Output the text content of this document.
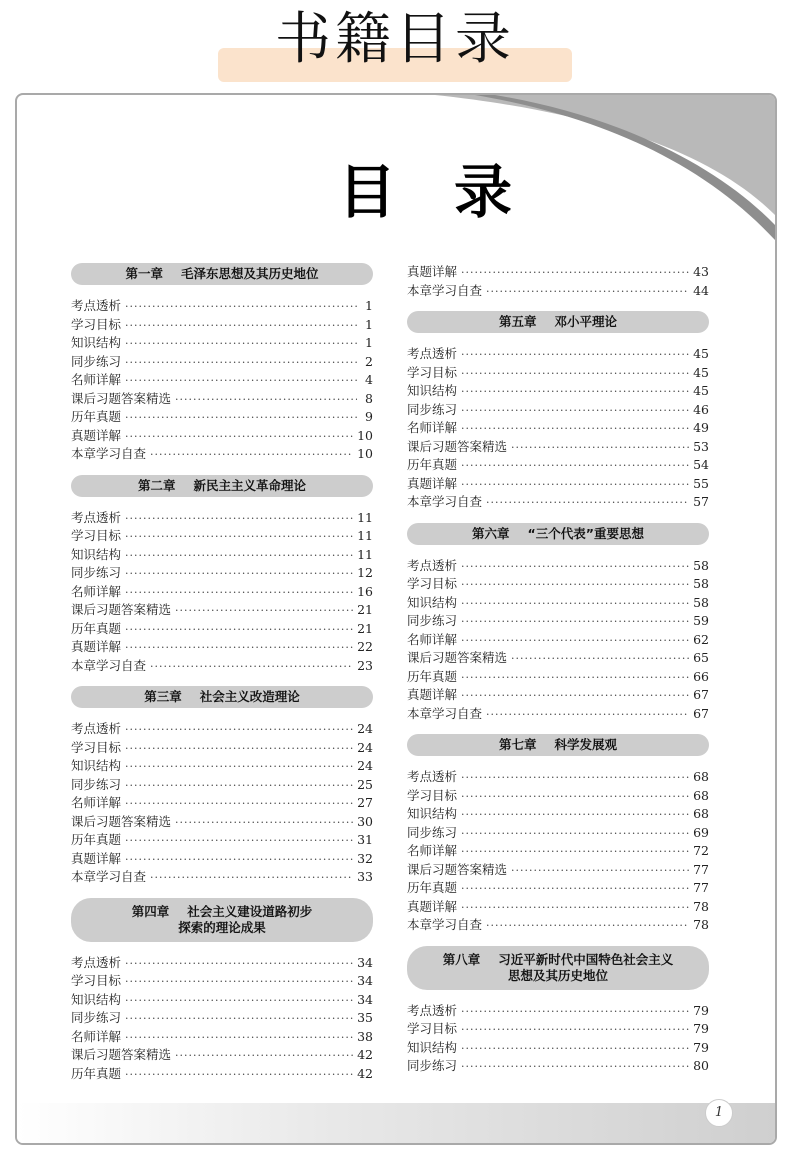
书籍目录
目录
第一章 毛泽东思想及其历史地位
考点透析 ·····	1
学习目标 ·····	1
知识结构 ·····	1
同步练习 ·····	2
名师详解 ·····	4
课后习题答案精选 ·····	8
历年真题 ·····	9
真题详解 ·····	10
本章学习自查 ·····	10
第二章 新民主主义革命理论
考点透析 ·····	11
学习目标 ·····	11
知识结构 ·····	11
同步练习 ·····	12
名师详解 ·····	16
课后习题答案精选 ·····	21
历年真题 ·····	21
真题详解 ·····	22
本章学习自查 ·····	23
第三章 社会主义改造理论
考点透析 ·····	24
学习目标 ·····	24
知识结构 ·····	24
同步练习 ·····	25
名师详解 ·····	27
课后习题答案精选 ·····	30
历年真题 ·····	31
真题详解 ·····	32
本章学习自查 ·····	33
第四章 社会主义建设道路初步
探索的理论成果
考点透析 ·····	34
学习目标 ·····	34
知识结构 ·····	34
同步练习 ·····	35
名师详解 ·····	38
课后习题答案精选 ·····	42
历年真题 ·····	42
真题详解 ·····	43
本章学习自查 ·····	44
第五章 邓小平理论
考点透析 ·····	45
学习目标 ·····	45
知识结构 ·····	45
同步练习 ·····	46
名师详解 ·····	49
课后习题答案精选 ·····	53
历年真题 ·····	54
真题详解 ·····	55
本章学习自查 ·····	57
第六章 “三个代表”重要思想
考点透析 ·····	58
学习目标 ·····	58
知识结构 ·····	58
同步练习 ·····	59
名师详解 ·····	62
课后习题答案精选 ·····	65
历年真题 ·····	66
真题详解 ·····	67
本章学习自查 ·····	67
第七章 科学发展观
考点透析 ·····	68
学习目标 ·····	68
知识结构 ·····	68
同步练习 ·····	69
名师详解 ·····	72
课后习题答案精选 ·····	77
历年真题 ·····	77
真题详解 ·····	78
本章学习自查 ·····	78
第八章 习近平新时代中国特色社会主义
思想及其历史地位
考点透析 ·····	79
学习目标 ·····	79
知识结构 ·····	79
同步练习 ·····	80
1
